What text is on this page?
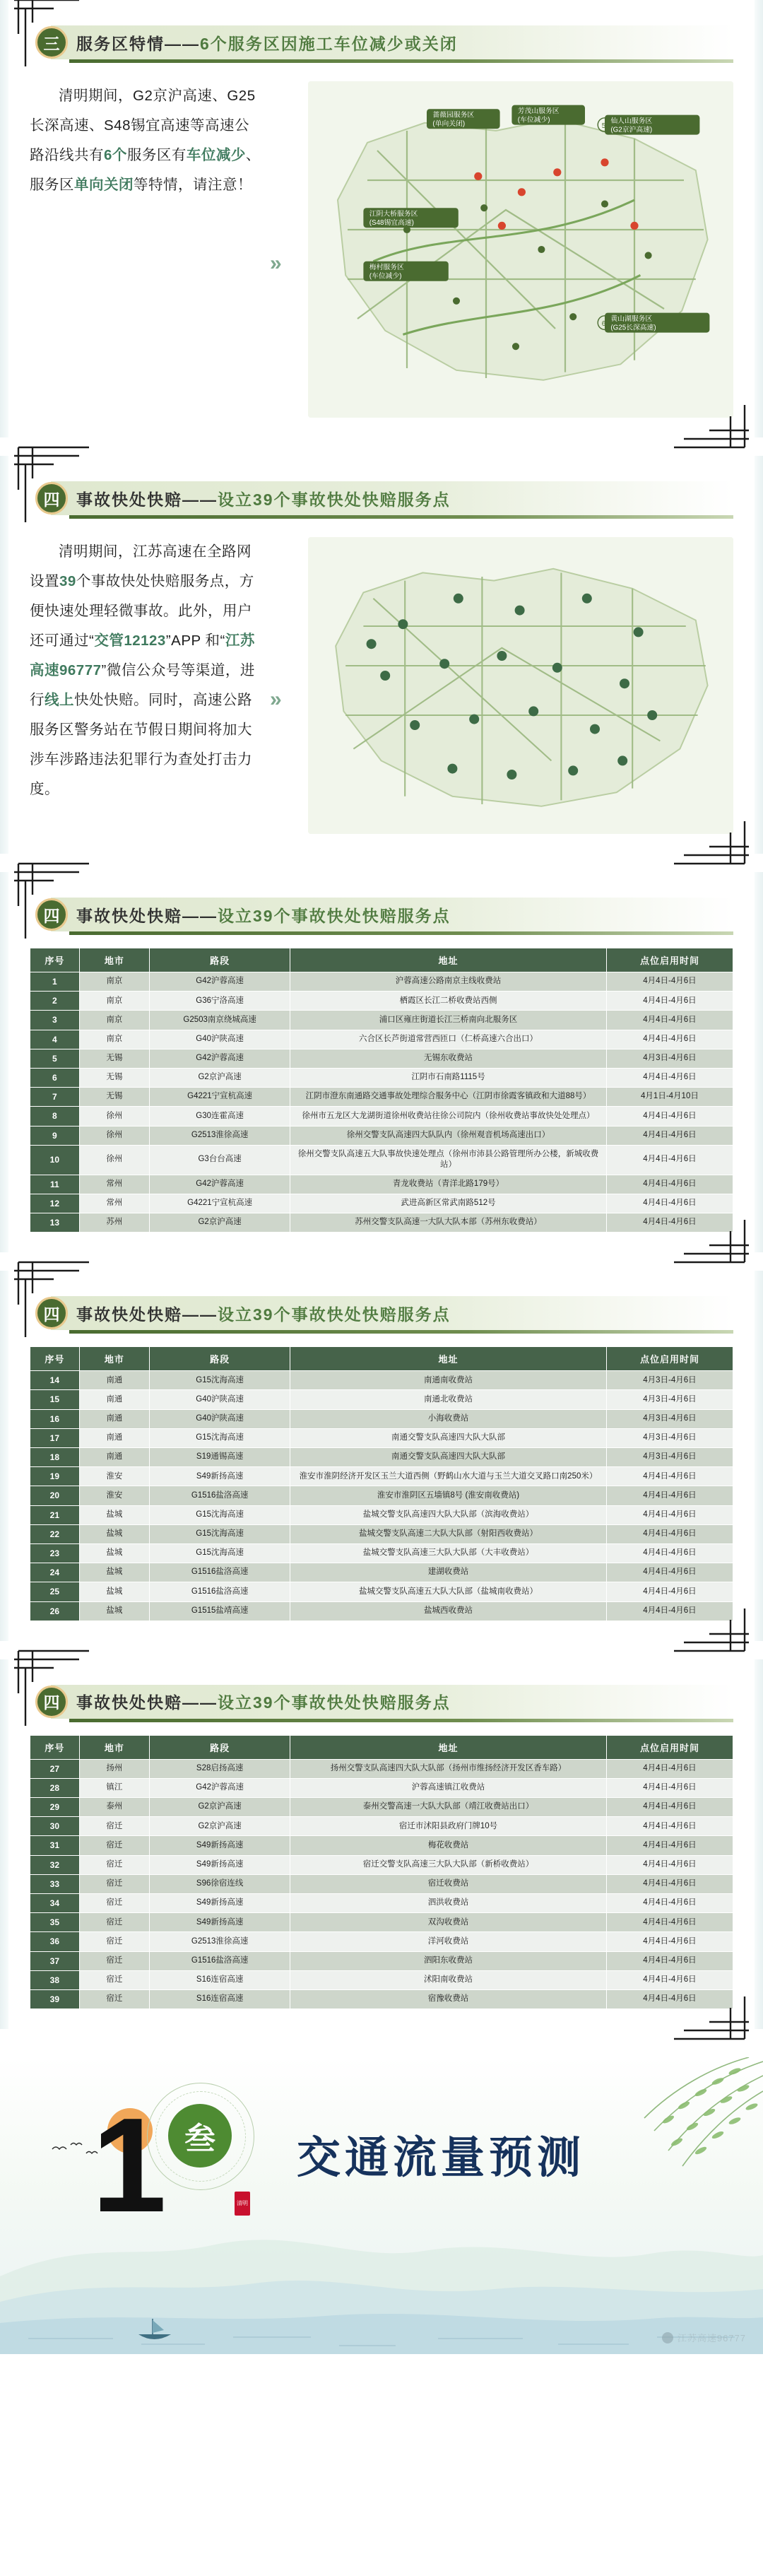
三	服务区特情——6个服务区因施工车位减少或关闭
清明期间，G2京沪高速、G25长深高速、S48锡宜高速等高速公路沿线共有6个服务区有车位减少、服务区单向关闭等特情，请注意！
»
蔷薇园服务区
(单向关闭)
芳茂山服务区
(车位减少)	仙人山服务区
(G2京沪高速)
黄山湖服务区
(G25长深高速)
江阴大桥服务区
(S48锡宜高速)
梅村服务区
(车位减少)
5
6
四	事故快处快赔——设立39个事故快处快赔服务点
清明期间，江苏高速在全路网设置39个事故快处快赔服务点，方便快速处理轻微事故。此外，用户还可通过“交管12123”APP 和“江苏高速96777”微信公众号等渠道，进行线上快处快赔。同时，高速公路服务区警务站在节假日期间将加大涉车涉路违法犯罪行为查处打击力度。
»
四	事故快处快赔——设立39个事故快处快赔服务点
序号	地市	路段	地址	点位启用时间
1	南京	G42沪蓉高速	沪蓉高速公路南京主线收费站	4月4日-4月6日
2	南京	G36宁洛高速	栖霞区长江二桥收费站西侧	4月4日-4月6日
3	南京	G2503南京绕城高速	浦口区雍庄街道长江三桥南向北服务区	4月4日-4月6日
4	南京	G40沪陕高速	六合区长芦街道常营西匝口（仁桥高速六合出口）	4月4日-4月6日
5	无锡	G42沪蓉高速	无锡东收费站	4月3日-4月6日
6	无锡	G2京沪高速	江阴市石南路1115号	4月4日-4月6日
7	无锡	G4221宁宣杭高速	江阴市澄东南通路交通事故处理综合服务中心（江阴市徐霞客镇政和大道88号）	4月1日-4月10日
8	徐州	G30连霍高速	徐州市五龙区大龙湖街道徐州收费站往徐公司院内（徐州收费站事故快处处理点）	4月4日-4月6日
9	徐州	G2513淮徐高速	徐州交警支队高速四大队队内（徐州观音机场高速出口）	4月4日-4月6日
10	徐州	G3台台高速	徐州交警支队高速五大队事故快速处理点（徐州市沛县公路管理所办公楼，新城收费站）	4月4日-4月6日
11	常州	G42沪蓉高速	青龙收费站（青洋北路179号）	4月4日-4月6日
12	常州	G4221宁宣杭高速	武进高新区常武南路512号	4月4日-4月6日
13	苏州	G2京沪高速	苏州交警支队高速一大队大队本部（苏州东收费站）	4月4日-4月6日
四	事故快处快赔——设立39个事故快处快赔服务点
序号	地市	路段	地址	点位启用时间
14	南通	G15沈海高速	南通南收费站	4月3日-4月6日
15	南通	G40沪陕高速	南通北收费站	4月3日-4月6日
16	南通	G40沪陕高速	小海收费站	4月3日-4月6日
17	南通	G15沈海高速	南通交警支队高速四大队大队部	4月3日-4月6日
18	南通	S19通锡高速	南通交警支队高速四大队大队部	4月3日-4月6日
19	淮安	S49新扬高速	淮安市淮阴经济开发区玉兰大道西侧（野鹤山水大道与玉兰大道交叉路口南250米）	4月4日-4月6日
20	淮安	G1516盐洛高速	淮安市淮阴区五墙镇8号 (淮安南收费站)	4月4日-4月6日
21	盐城	G15沈海高速	盐城交警支队高速四大队大队部（滨海收费站）	4月4日-4月6日
22	盐城	G15沈海高速	盐城交警支队高速二大队大队部（射阳西收费站）	4月4日-4月6日
23	盐城	G15沈海高速	盐城交警支队高速三大队大队部（大丰收费站）	4月4日-4月6日
24	盐城	G1516盐洛高速	建湖收费站	4月4日-4月6日
25	盐城	G1516盐洛高速	盐城交警支队高速五大队大队部（盐城南收费站）	4月4日-4月6日
26	盐城	G1515盐靖高速	盐城西收费站	4月4日-4月6日
四	事故快处快赔——设立39个事故快处快赔服务点
序号	地市	路段	地址	点位启用时间
27	扬州	S28启扬高速	扬州交警支队高速四大队大队部（扬州市维扬经济开发区香车路）	4月4日-4月6日
28	镇江	G42沪蓉高速	沪蓉高速镇江收费站	4月4日-4月6日
29	泰州	G2京沪高速	泰州交警高速一大队大队部（靖江收费站出口）	4月4日-4月6日
30	宿迁	G2京沪高速	宿迁市沭阳县政府门牌10号	4月4日-4月6日
31	宿迁	S49新扬高速	梅花收费站	4月4日-4月6日
32	宿迁	S49新扬高速	宿迁交警支队高速三大队大队部（新桥收费站）	4月4日-4月6日
33	宿迁	S96徐宿连线	宿迁收费站	4月4日-4月6日
34	宿迁	S49新扬高速	泗洪收费站	4月4日-4月6日
35	宿迁	S49新扬高速	双沟收费站	4月4日-4月6日
36	宿迁	G2513淮徐高速	洋河收费站	4月4日-4月6日
37	宿迁	G1516盐洛高速	泗阳东收费站	4月4日-4月6日
38	宿迁	S16连宿高速	沭阳南收费站	4月4日-4月6日
39	宿迁	S16连宿高速	宿豫收费站	4月4日-4月6日
1 叁
清明
交通流量预测
江苏高速96777
